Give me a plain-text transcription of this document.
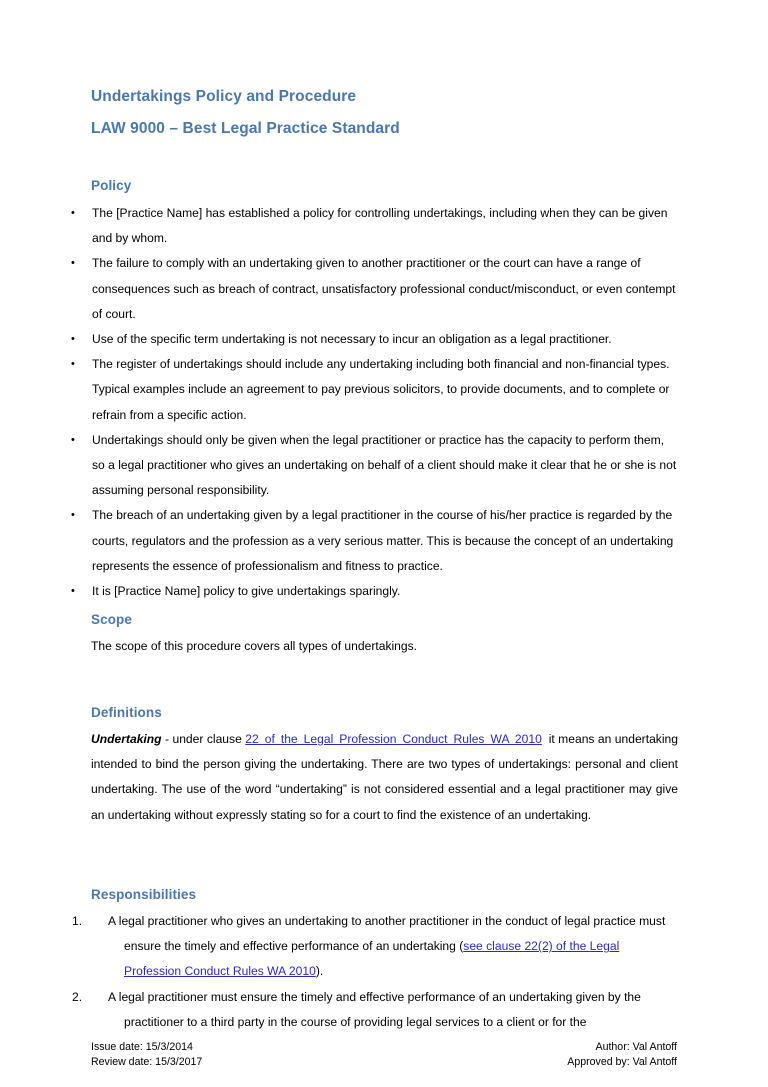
Undertakings Policy and Procedure
LAW 9000 – Best Legal Practice Standard
Policy
• The [Practice Name] has established a policy for controlling undertakings, including when they can be given and by whom.
• The failure to comply with an undertaking given to another practitioner or the court can have a range of consequences such as breach of contract, unsatisfactory professional conduct/misconduct, or even contempt of court.
• Use of the specific term undertaking is not necessary to incur an obligation as a legal practitioner.
• The register of undertakings should include any undertaking including both financial and non-financial types. Typical examples include an agreement to pay previous solicitors, to provide documents, and to complete or refrain from a specific action.
• Undertakings should only be given when the legal practitioner or practice has the capacity to perform them, so a legal practitioner who gives an undertaking on behalf of a client should make it clear that he or she is not assuming personal responsibility.
• The breach of an undertaking given by a legal practitioner in the course of his/her practice is regarded by the courts, regulators and the profession as a very serious matter. This is because the concept of an undertaking represents the essence of professionalism and fitness to practice.
• It is [Practice Name] policy to give undertakings sparingly.
Scope

The scope of this procedure covers all types of undertakings.

Definitions

Undertaking - under clause 22 of the Legal Profession Conduct Rules WA 2010 it means an undertaking intended to bind the person giving the undertaking. There are two types of undertakings: personal and client undertaking. The use of the word “undertaking” is not considered essential and a legal practitioner may give an undertaking without expressly stating so for a court to find the existence of an undertaking.

Responsibilities
A legal practitioner who gives an undertaking to another practitioner in the conduct of legal practice must ensure the timely and effective performance of an undertaking (see clause 22(2) of the Legal Profession Conduct Rules WA 2010).
A legal practitioner must ensure the timely and effective performance of an undertaking given by the practitioner to a third party in the course of providing legal services to a client or for the
Issue date: 15/3/2014	Author: Val Antoff
Review date: 15/3/2017	Approved by: Val Antoff
